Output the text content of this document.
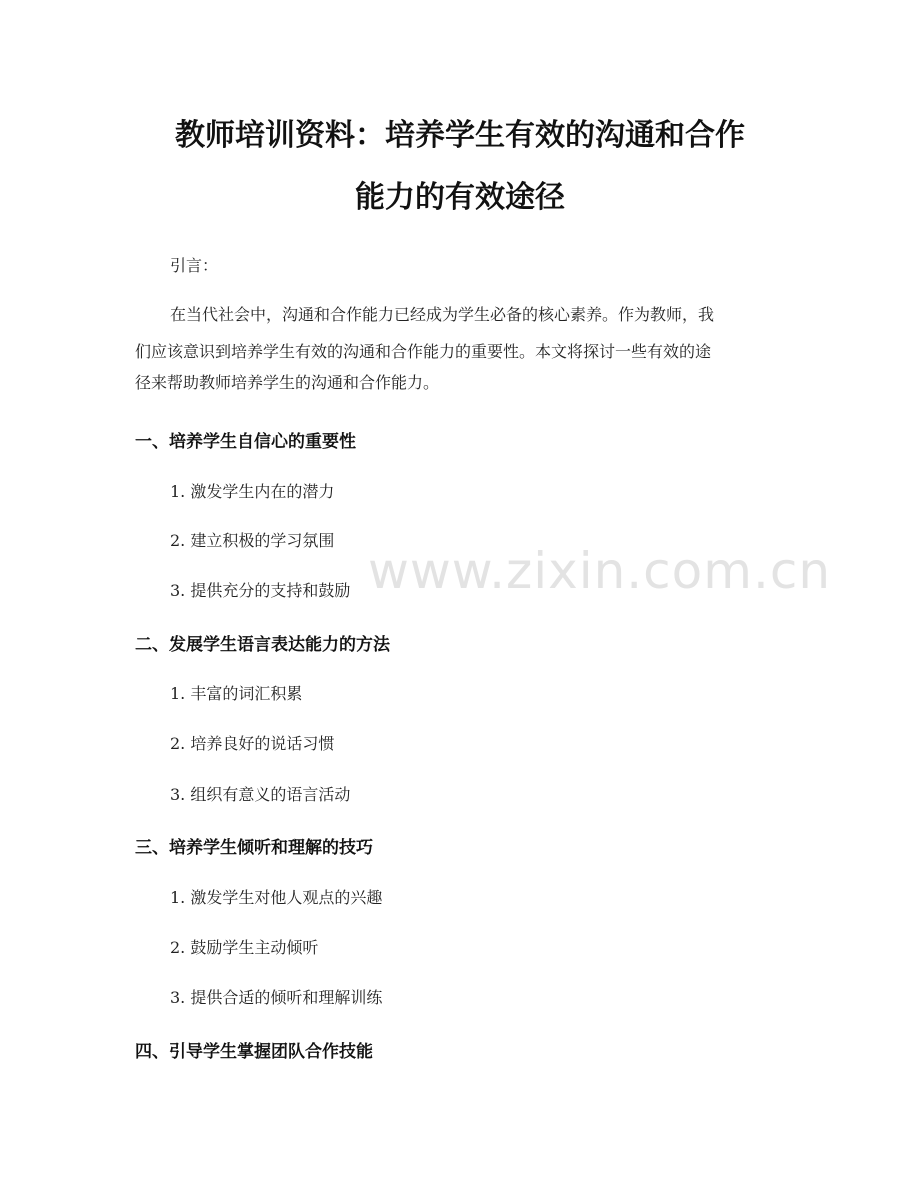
教师培训资料：培养学生有效的沟通和合作
能力的有效途径
引言：
在当代社会中，沟通和合作能力已经成为学生必备的核心素养。作为教师，我
们应该意识到培养学生有效的沟通和合作能力的重要性。本文将探讨一些有效的途
径来帮助教师培养学生的沟通和合作能力。
一、培养学生自信心的重要性
1. 激发学生内在的潜力
2. 建立积极的学习氛围
3. 提供充分的支持和鼓励
二、发展学生语言表达能力的方法
1. 丰富的词汇积累
2. 培养良好的说话习惯
3. 组织有意义的语言活动
三、培养学生倾听和理解的技巧
1. 激发学生对他人观点的兴趣
2. 鼓励学生主动倾听
3. 提供合适的倾听和理解训练
四、引导学生掌握团队合作技能
www.zixin.com.cn
